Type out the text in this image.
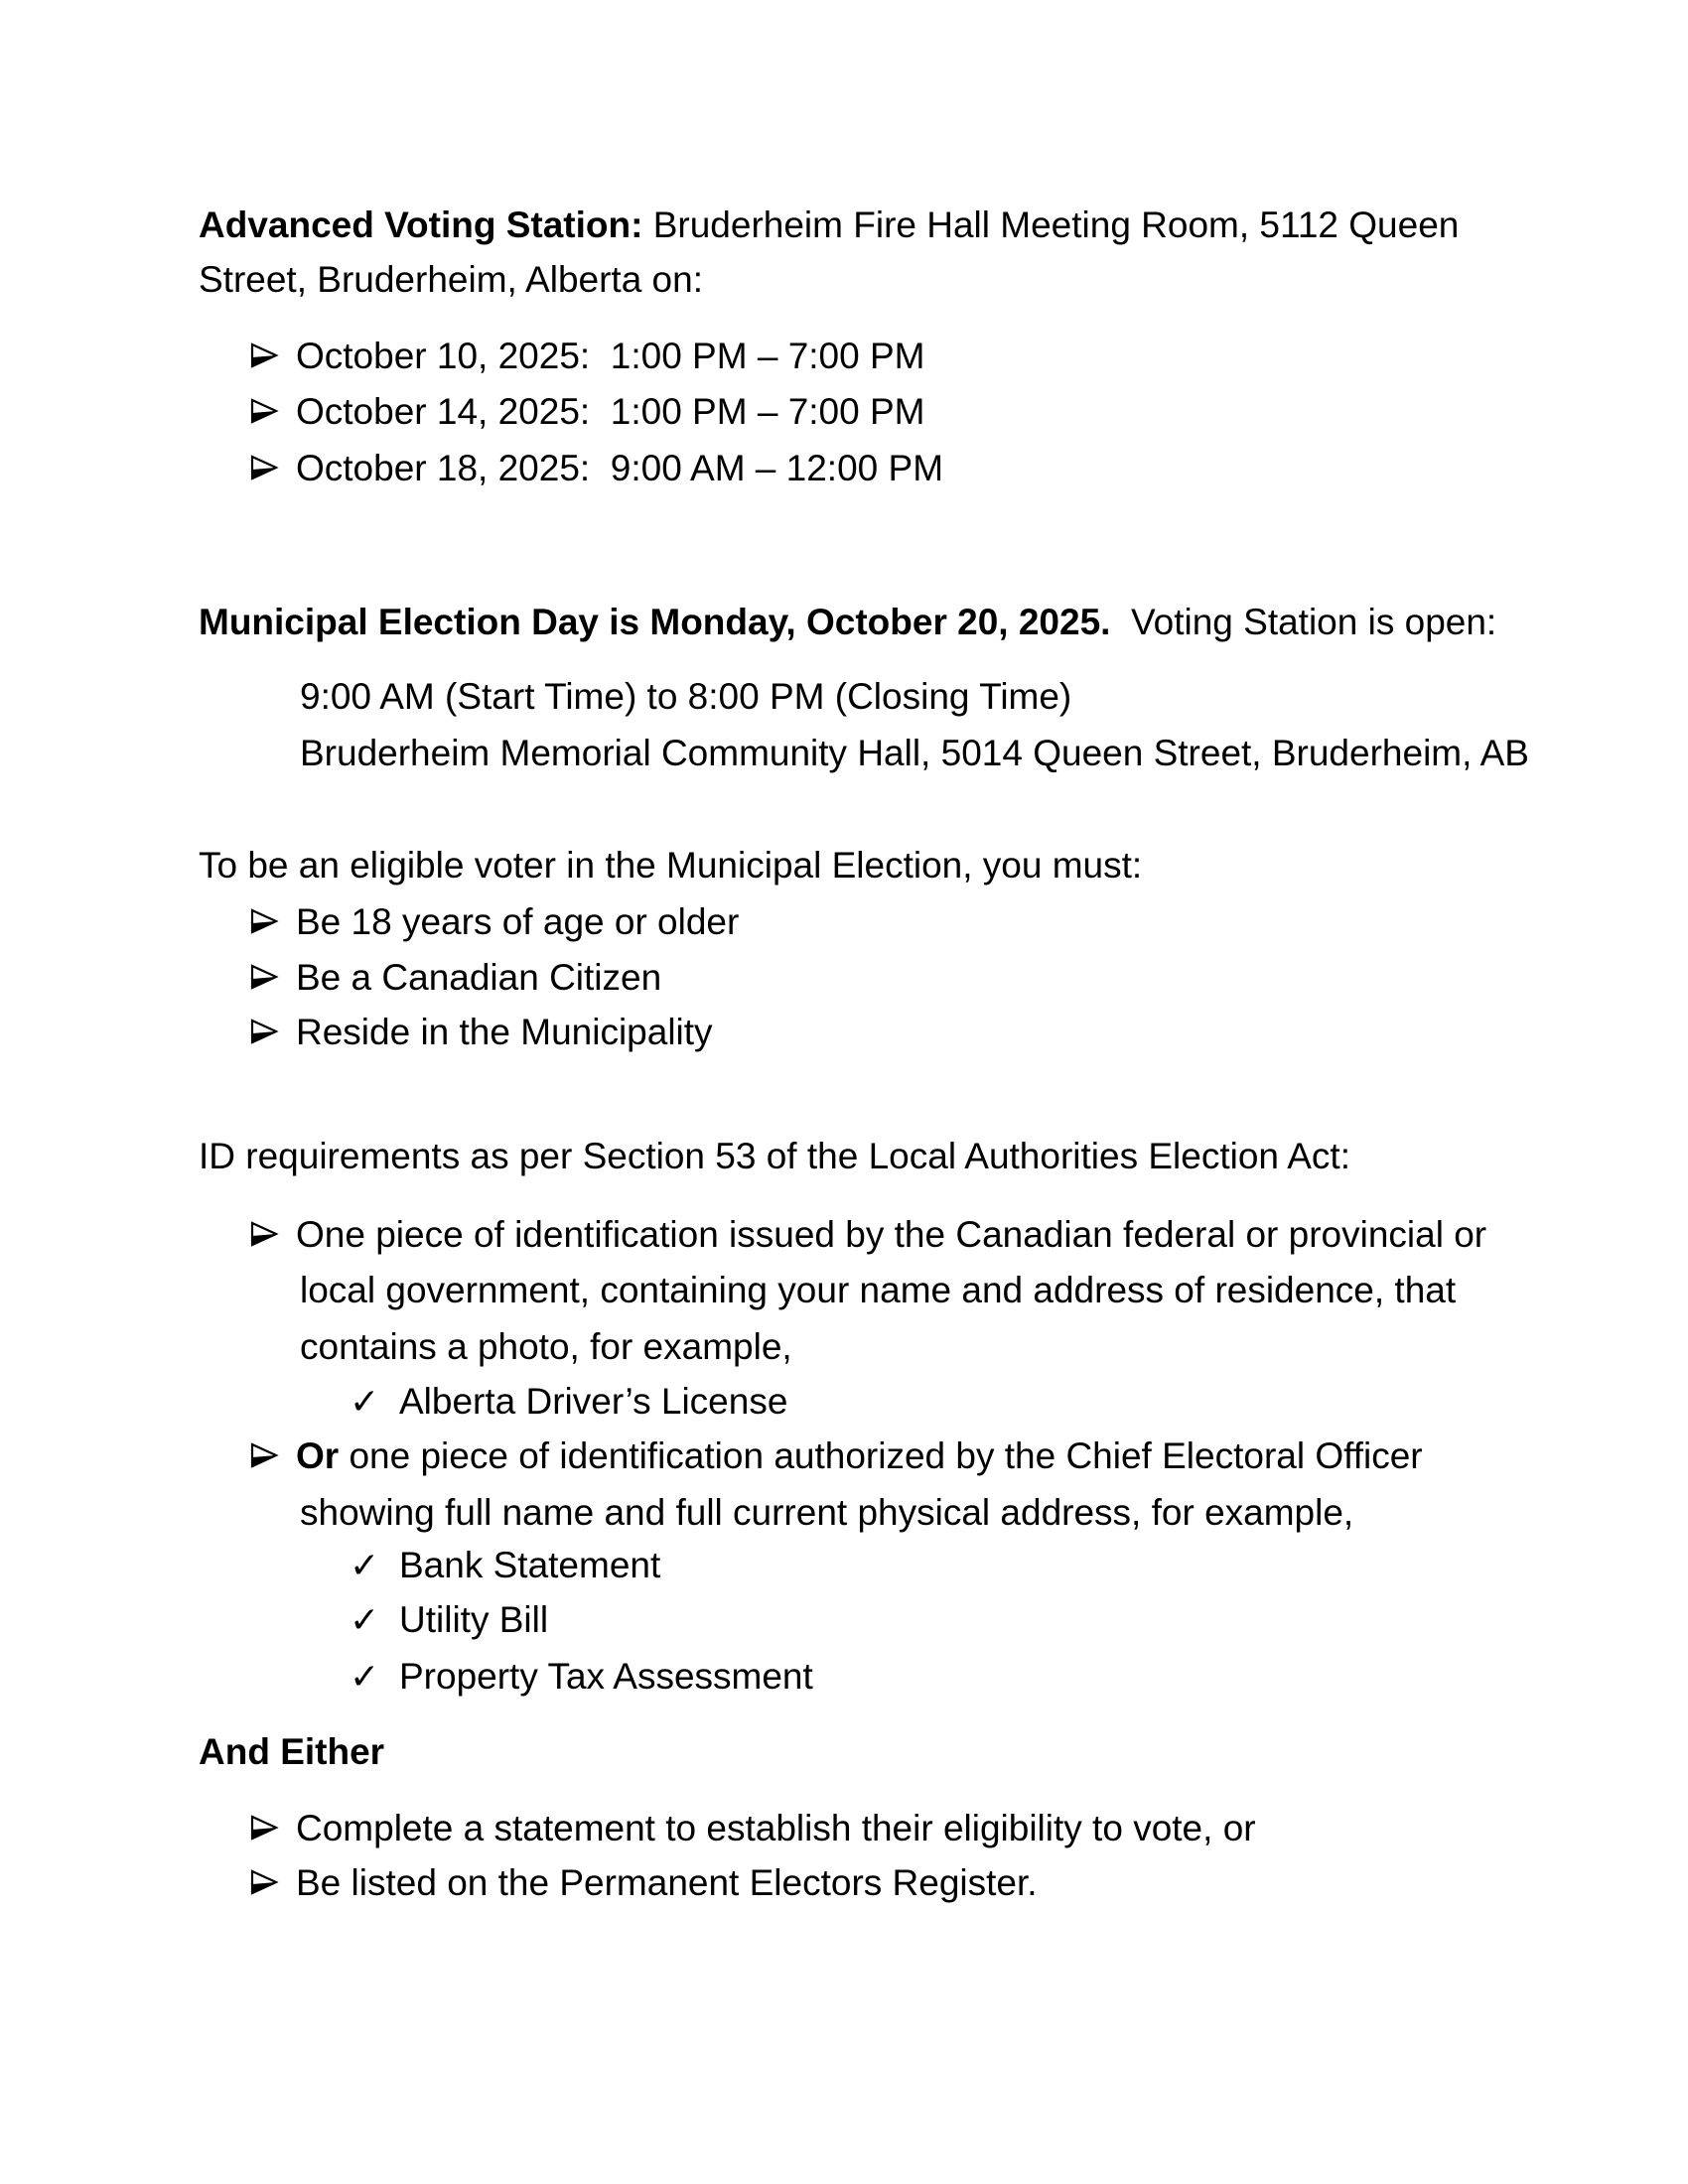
Advanced Voting Station: Bruderheim Fire Hall Meeting Room, 5112 Queen
Street, Bruderheim, Alberta on:
October 10, 2025:  1:00 PM – 7:00 PM
October 14, 2025:  1:00 PM – 7:00 PM
October 18, 2025:  9:00 AM – 12:00 PM
Municipal Election Day is Monday, October 20, 2025.  Voting Station is open:
9:00 AM (Start Time) to 8:00 PM (Closing Time)
Bruderheim Memorial Community Hall, 5014 Queen Street, Bruderheim, AB
To be an eligible voter in the Municipal Election, you must:
Be 18 years of age or older
Be a Canadian Citizen
Reside in the Municipality
ID requirements as per Section 53 of the Local Authorities Election Act:
One piece of identification issued by the Canadian federal or provincial or
local government, containing your name and address of residence, that
contains a photo, for example,
✓ Alberta Driver’s License
Or one piece of identification authorized by the Chief Electoral Officer
showing full name and full current physical address, for example,
✓ Bank Statement
✓ Utility Bill
✓ Property Tax Assessment
And Either
Complete a statement to establish their eligibility to vote, or
Be listed on the Permanent Electors Register.
